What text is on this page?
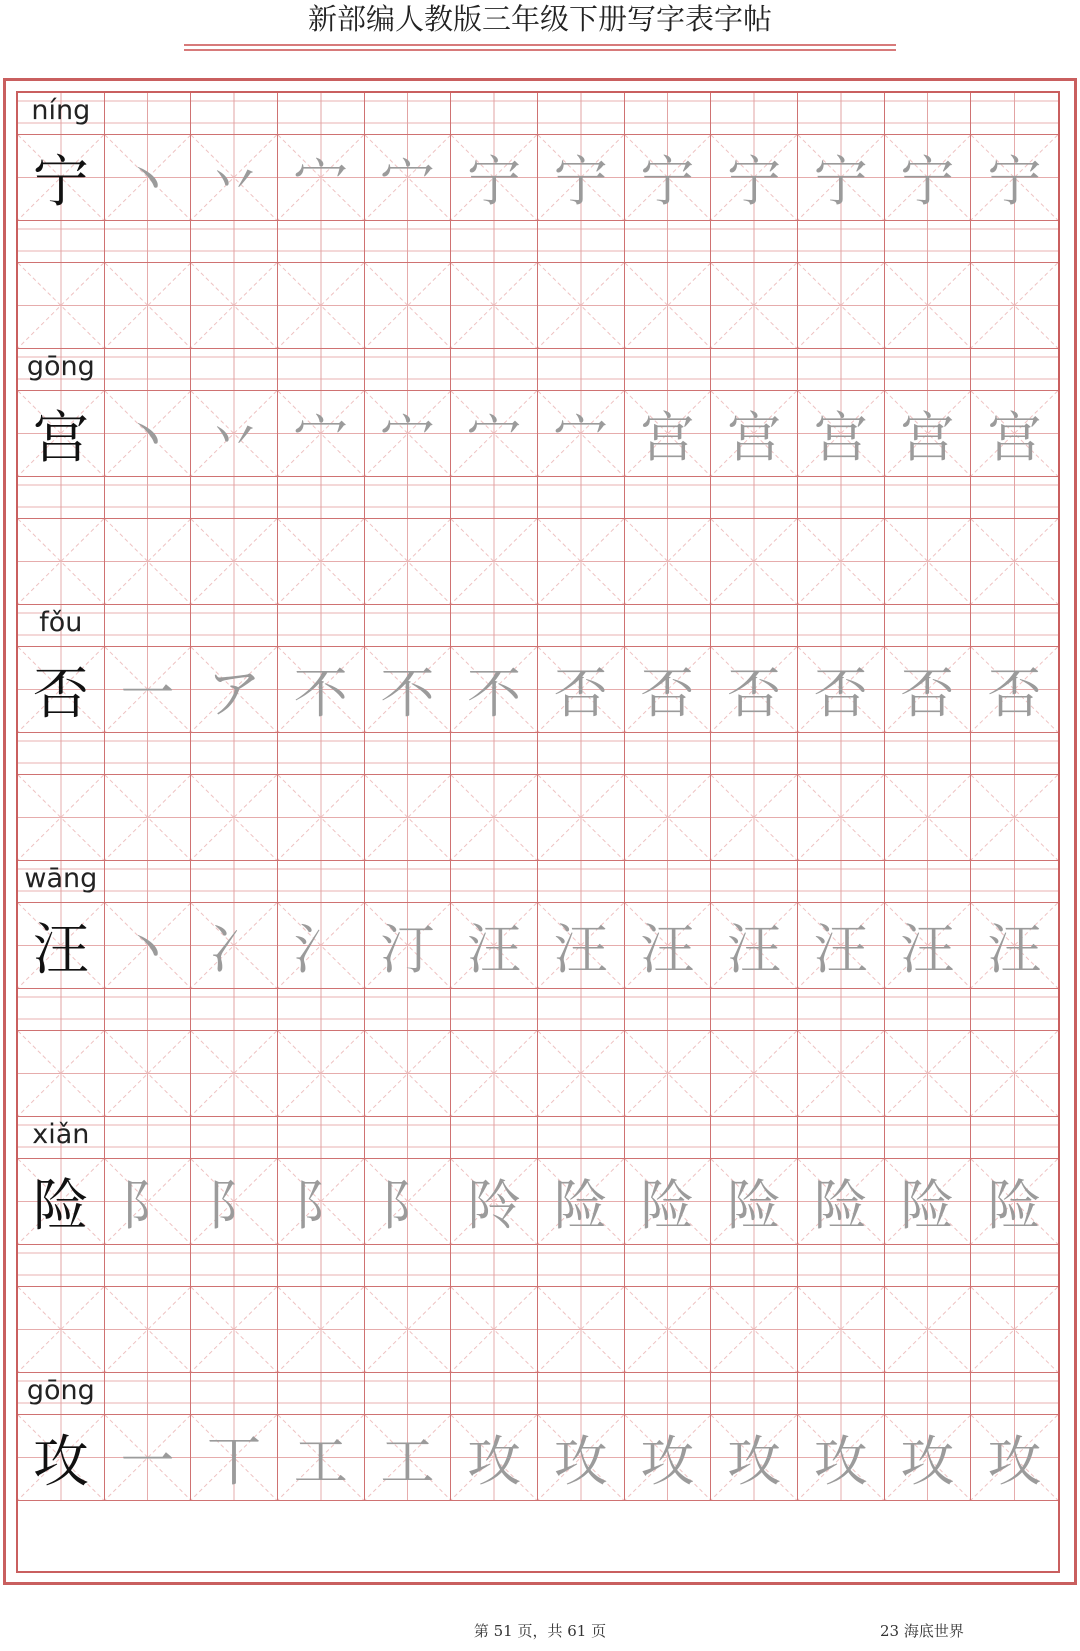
新部编人教版三年级下册写字表字帖
níng
宁 丶 丷 宀 宀 宁 宁 宁 宁 宁 宁 宁
gōng
宫 丶 丷 宀 宀 宀 宀 宫 宫 宫 宫 宫
fǒu
否 一 ア 不 不 不 否 否 否 否 否 否
wāng
汪 丶 冫 氵 汀 汪 汪 汪 汪 汪 汪 汪
xiǎn
险 阝 阝 阝 阝 阾 险 险 险 险 险 险
gōng
攻 一 丅 工 工 攻 攻 攻 攻 攻 攻 攻
第 51 页，共 61 页	23 海底世界
